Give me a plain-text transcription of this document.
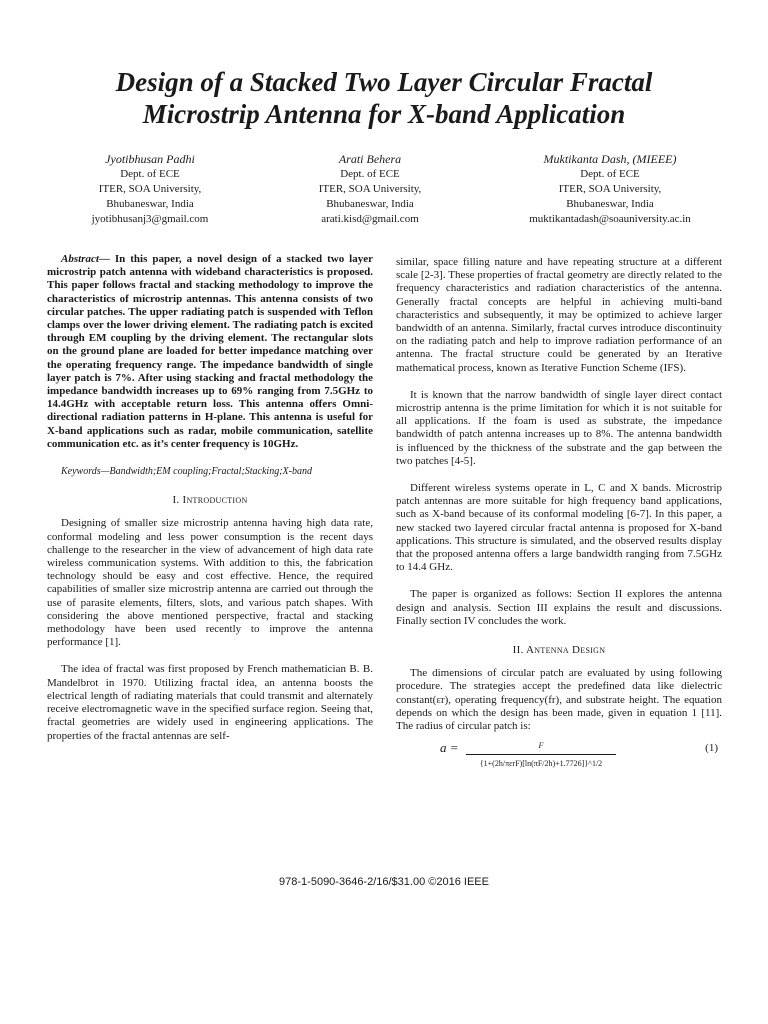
Design of a Stacked Two Layer Circular Fractal
Microstrip Antenna for X-band Application
Jyotibhusan Padhi
Dept. of ECE
ITER, SOA University,
Bhubaneswar, India
jyotibhusanj3@gmail.com
Arati Behera
Dept. of ECE
ITER, SOA University,
Bhubaneswar, India
arati.kisd@gmail.com
Muktikanta Dash, (MIEEE)
Dept. of ECE
ITER, SOA University,
Bhubaneswar, India
muktikantadash@soauniversity.ac.in

Abstract— In this paper, a novel design of a stacked two layer microstrip patch antenna with wideband characteristics is proposed. This paper follows fractal and stacking methodology to improve the characteristics of microstrip antennas. This antenna consists of two circular patches. The upper radiating patch is suspended with Teflon clamps over the lower driving element. The radiating patch is excited through EM coupling by the driving element. The rectangular slots on the ground plane are loaded for better impedance matching over the operating frequency range. The impedance bandwidth of single layer patch is 7%. After using stacking and fractal methodology the impedance bandwidth increases up to 69% ranging from 7.5GHz to 14.4GHz with acceptable return loss. This antenna offers Omni-directional radiation patterns in H-plane. This antenna is useful for X-band applications such as radar, mobile communication, satellite communication etc. as it’s center frequency is 10GHz.

Keywords—Bandwidth;EM coupling;Fractal;Stacking;X-band

I. Introduction

Designing of smaller size microstrip antenna having high data rate, conformal modeling and less power consumption is the recent days challenge to the researcher in the view of advancement of high data rate wireless communication systems. With addition to this, the fabrication technology should be easy and cost effective. Hence, the required capabilities of smaller size microstrip antenna are carried out through the use of parasite elements, filters, slots, and various patch shapes. With considering the above mentioned perspective, fractal and stacking methodology have been used recently to improve the antenna performance [1].

The idea of fractal was first proposed by French mathematician B. B. Mandelbrot in 1970. Utilizing fractal idea, an antenna boosts the electrical length of radiating materials that could transmit and alternately receive electromagnetic wave in the specified surface region. Seeing that, fractal geometries are widely used in engineering applications. The properties of the fractal antennas are self-

similar, space filling nature and have repeating structure at a different scale [2-3]. These properties of fractal geometry are directly related to the frequency characteristics and radiation characteristics of the antenna. Generally fractal concepts are helpful in achieving multi-band characteristics and subsequently, it may be optimized to achieve larger bandwidth of an antenna. Similarly, fractal curves introduce discontinuity on the radiating patch and help to improve radiation performance of an antenna. The fractal structure could be generated by an Iterative mathematical process, known as Iterative Function Scheme (IFS).

It is known that the narrow bandwidth of single layer direct contact microstrip antenna is the prime limitation for which it is not suitable for all applications. If the foam is used as substrate, the impedance bandwidth of patch antenna increases up to 8%. The antenna bandwidth is influenced by the thickness of the substrate and the gap between the two patches [4-5].

Different wireless systems operate in L, C and X bands. Microstrip patch antennas are more suitable for high frequency band applications, such as X-band because of its conformal modeling [6-7]. In this paper, a new stacked two layered circular fractal antenna is proposed for X-band applications. This structure is simulated, and the observed results display that the proposed antenna offers a large bandwidth ranging from 7.5GHz to 14.4 GHz.

The paper is organized as follows: Section II explores the antenna design and analysis. Section III explains the result and discussions. Finally section IV concludes the work.

II. Antenna Design

The dimensions of circular patch are evaluated by using following procedure. The strategies accept the predefined data like dielectric constant(εr), operating frequency(fr), and substrate height. The equation depends on which the design has been made, given in equation 1 [11]. The radius of circular patch is:

a =	F
{1+(2h/πεrF)[ln(πF/2h)+1.7726]}^1/2
(1)
978-1-5090-3646-2/16/$31.00 ©2016 IEEE
